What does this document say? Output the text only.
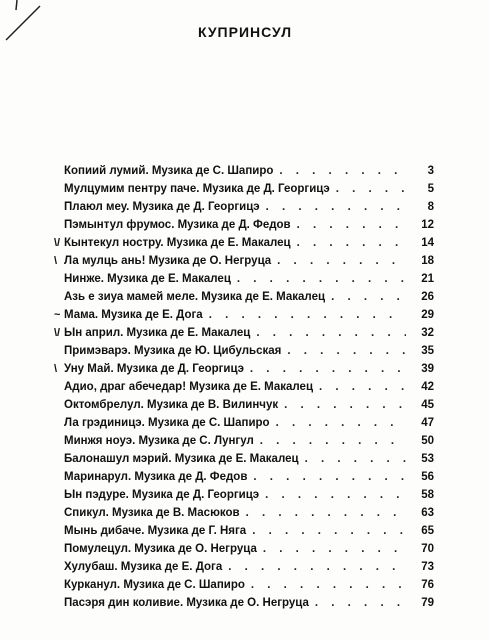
КУПРИНСУЛ
Копиий лумий. Музика де С. Шапиро . . .	3
Мулцумим пентру паче. Музика де Д. Георгицэ . . .	5
Плаюл меу. Музика де Д. Георгицэ . . .	8
Пэмынтул фрумос. Музика де Д. Федов . . .	12
\/ Кынтекул ностру. Музика де Е. Макалец . . .	14
\ Ла мулць ань! Музика де О. Негруца . . .	18
Нинже. Музика де Е. Макалец . . .	21
Азь е зиуа мамей меле. Музика де Е. Макалец . . .	26
~ Мама. Музика де Е. Дога . . .	29
\/ Ын април. Музика де Е. Макалец . . .	32
Примэварэ. Музика де Ю. Цибульская . . .	35
\ Уну Май. Музика де Д. Георгицэ . . .	39
Адио, драг абечедар! Музика де Е. Макалец . . .	42
Октомбрелул. Музика де В. Вилинчук . . .	45
Ла грэдиницэ. Музика де С. Шапиро . . .	47
Минжя ноуэ. Музика де С. Лунгул . . .	50
Балонашул мэрий. Музика де Е. Макалец . . .	53
Маринарул. Музика де Д. Федов . . .	56
Ын пэдуре. Музика де Д. Георгицэ . . .	58
Спикул. Музика де В. Масюков . . .	63
Мынь дибаче. Музика де Г. Няга . . .	65
Помулецул. Музика де О. Негруца . . .	70
Хулубаш. Музика де Е. Дога . . .	73
Курканул. Музика де С. Шапиро . . .	76
Пасэря дин коливие. Музика де О. Негруца . . .	79
